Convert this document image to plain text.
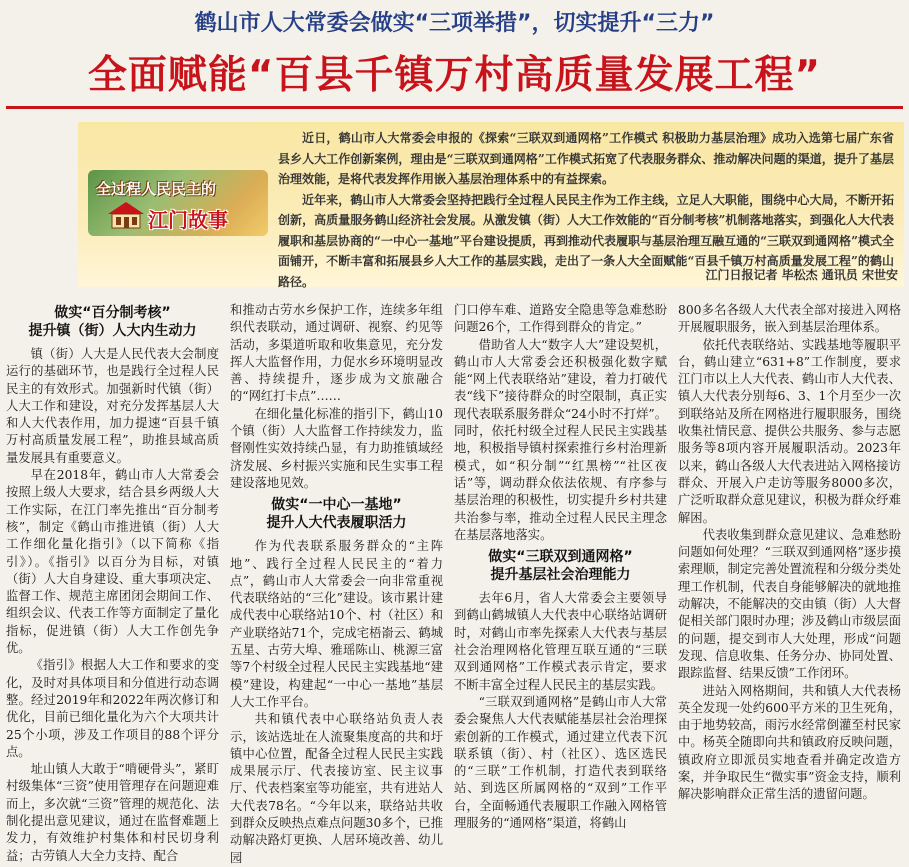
鹤山市人大常委会做实“三项举措”，切实提升“三力”
全面赋能“百县千镇万村高质量发展工程”

近日，鹤山市人大常委会申报的《探索“三联双到通网格”工作模式 积极助力基层治理》成功入选第七届广东省县乡人大工作创新案例，理由是“三联双到通网格”工作模式拓宽了代表服务群众、推动解决问题的渠道，提升了基层治理效能，是将代表发挥作用嵌入基层治理体系中的有益探索。

近年来，鹤山市人大常委会坚持把践行全过程人民民主作为工作主线，立足人大职能，围绕中心大局，不断开拓创新，高质量服务鹤山经济社会发展。从激发镇（街）人大工作效能的“百分制考核”机制落地落实，到强化人大代表履职和基层协商的“一中心一基地”平台建设提质，再到推动代表履职与基层治理互融互通的“三联双到通网格”模式全面铺开，不断丰富和拓展县乡人大工作的基层实践，走出了一条人大全面赋能“百县千镇万村高质量发展工程”的鹤山路径。	江门日报记者 毕松杰 通讯员 宋世安
全过程人民民主的
江门故事
做实“百分制考核”
提升镇（街）人大内生动力

镇（街）人大是人民代表大会制度运行的基础环节，也是践行全过程人民民主的有效形式。加强新时代镇（街）人大工作和建设，对充分发挥基层人大和人大代表作用，加力提速“百县千镇万村高质量发展工程”，助推县域高质量发展具有重要意义。

早在2018年，鹤山市人大常委会按照上级人大要求，结合县乡两级人大工作实际，在江门率先推出“百分制考核”，制定《鹤山市推进镇（街）人大工作细化量化指引》（以下简称《指引》）。《指引》以百分为目标，对镇（街）人大自身建设、重大事项决定、监督工作、规范主席团闭会期间工作、组织会议、代表工作等方面制定了量化指标，促进镇（街）人大工作创先争优。

《指引》根据人大工作和要求的变化，及时对具体项目和分值进行动态调整。经过2019年和2022年两次修订和优化，目前已细化量化为六个大项共计25个小项，涉及工作项目的88个评分点。

址山镇人大敢于“啃硬骨头”，紧盯村级集体“三资”使用管理存在问题迎难而上，多次就“三资”管理的规范化、法制化提出意见建议，通过在监督难题上发力，有效维护村集体和村民切身利益；古劳镇人大全力支持、配合

和推动古劳水乡保护工作，连续多年组织代表联动，通过调研、视察、约见等活动，多渠道听取和收集意见，充分发挥人大监督作用，力促水乡环境明显改善、持续提升，逐步成为文旅融合的“网红打卡点”……

在细化量化标准的指引下，鹤山10个镇（街）人大监督工作持续发力，监督刚性实效持续凸显，有力助推镇域经济发展、乡村振兴实施和民生实事工程建设落地见效。

做实“一中心一基地”
提升人大代表履职活力

作为代表联系服务群众的“主阵地”、践行全过程人民民主的“着力点”，鹤山市人大常委会一向非常重视代表联络站的“三化”建设。该市累计建成代表中心联络站10个、村（社区）和产业联络站71个，完成宅梧嵛云、鹤城五星、古劳大埠、雅瑶陈山、桃源三富等7个村级全过程人民民主实践基地“建模”建设，构建起“一中心一基地”基层人大工作平台。

共和镇代表中心联络站负责人表示，该站选址在人流聚集度高的共和圩镇中心位置，配备全过程人民民主实践成果展示厅、代表接访室、民主议事厅、代表档案室等功能室，共有进站人大代表78名。“今年以来，联络站共收到群众反映热点难点问题30多个，已推动解决路灯更换、人居环境改善、幼儿园

门口停车难、道路安全隐患等急难愁盼问题26个，工作得到群众的肯定。”

借助省人大“数字人大”建设契机，鹤山市人大常委会还积极强化数字赋能“网上代表联络站”建设，着力打破代表“线下”接待群众的时空限制，真正实现代表联系服务群众“24小时不打烊”。同时，依托村级全过程人民民主实践基地，积极指导镇村探索推行乡村治理新模式，如“积分制”“红黑榜”“社区夜话”等，调动群众依法依规、有序参与基层治理的积极性，切实提升乡村共建共治参与率，推动全过程人民民主理念在基层落地落实。

做实“三联双到通网格”
提升基层社会治理能力

去年6月，省人大常委会主要领导到鹤山鹤城镇人大代表中心联络站调研时，对鹤山市率先探索人大代表与基层社会治理网格化管理互联互通的“三联双到通网格”工作模式表示肯定，要求不断丰富全过程人民民主的基层实践。

“三联双到通网格”是鹤山市人大常委会聚焦人大代表赋能基层社会治理探索创新的工作模式，通过建立代表下沉联系镇（街）、村（社区）、选区选民的“三联”工作机制，打造代表到联络站、到选区所属网格的“双到”工作平台，全面畅通代表履职工作融入网格管理服务的“通网格”渠道，将鹤山

800多名各级人大代表全部对接进入网格开展履职服务，嵌入到基层治理体系。

依托代表联络站、实践基地等履职平台，鹤山建立“631+8”工作制度，要求江门市以上人大代表、鹤山市人大代表、镇人大代表分别每6、3、1个月至少一次到联络站及所在网格进行履职服务，围绕收集社情民意、提供公共服务、参与志愿服务等8项内容开展履职活动。2023年以来，鹤山各级人大代表进站入网格接访群众、开展入户走访等服务8000多次，广泛听取群众意见建议，积极为群众纾难解困。

代表收集到群众意见建议、急难愁盼问题如何处理？“三联双到通网格”逐步摸索理顺，制定完善处置流程和分级分类处理工作机制，代表自身能够解决的就地推动解决，不能解决的交由镇（街）人大督促相关部门限时办理；涉及鹤山市级层面的问题，提交到市人大处理，形成“问题发现、信息收集、任务分办、协同处置、跟踪监督、结果反馈”工作闭环。

进站入网格期间，共和镇人大代表杨英全发现一处约600平方米的卫生死角，由于地势较高，雨污水经常倒灌至村民家中。杨英全随即向共和镇政府反映问题，镇政府立即派员实地查看并确定改造方案，并争取民生“微实事”资金支持，顺利解决影响群众正常生活的遗留问题。
